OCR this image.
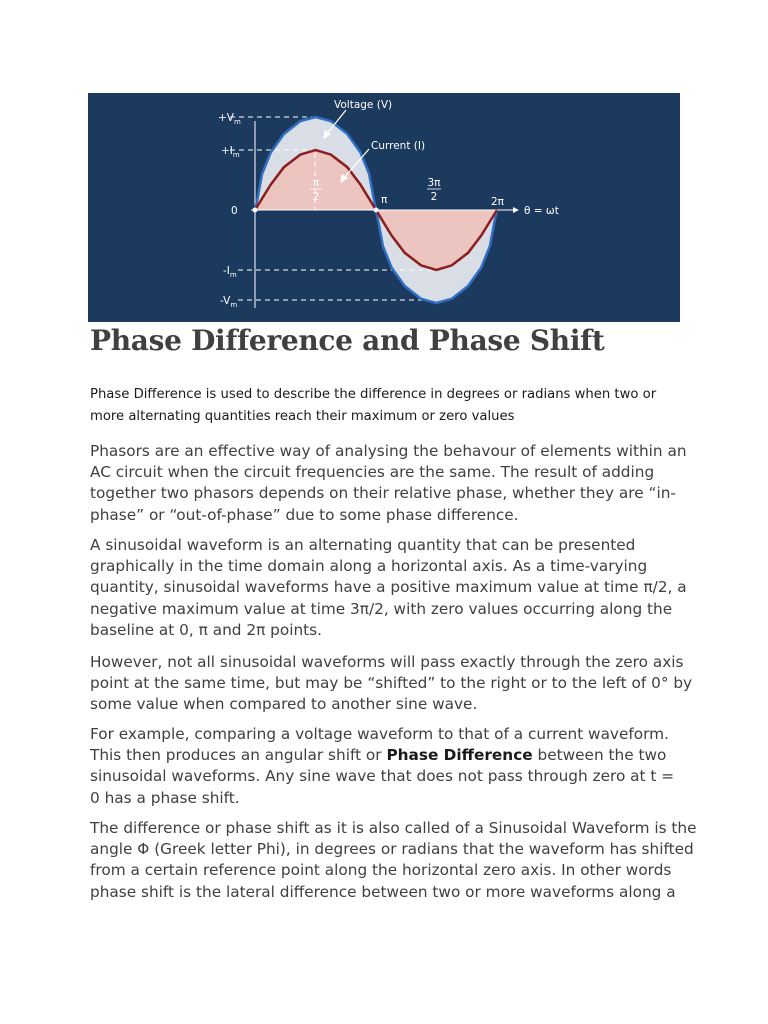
$+V_m$
$+I_m$
0
$-I_m$
$-V_m$
Voltage (V)
Current (I)
π
2	π
3π
2	2π
θ = ωt
Phase Difference and Phase Shift

Phase Difference is used to describe the difference in degrees or radians when two or
more alternating quantities reach their maximum or zero values

Phasors are an effective way of analysing the behavour of elements within an
AC circuit when the circuit frequencies are the same. The result of adding
together two phasors depends on their relative phase, whether they are “in-
phase” or “out-of-phase” due to some phase difference.

A sinusoidal waveform is an alternating quantity that can be presented
graphically in the time domain along a horizontal axis. As a time-varying
quantity, sinusoidal waveforms have a positive maximum value at time π/2, a
negative maximum value at time 3π/2, with zero values occurring along the
baseline at 0, π and 2π points.

However, not all sinusoidal waveforms will pass exactly through the zero axis
point at the same time, but may be “shifted” to the right or to the left of 0° by
some value when compared to another sine wave.

For example, comparing a voltage waveform to that of a current waveform.
This then produces an angular shift or Phase Difference between the two
sinusoidal waveforms. Any sine wave that does not pass through zero at t =
0 has a phase shift.

The difference or phase shift as it is also called of a Sinusoidal Waveform is the
angle Φ (Greek letter Phi), in degrees or radians that the waveform has shifted
from a certain reference point along the horizontal zero axis. In other words
phase shift is the lateral difference between two or more waveforms along a
